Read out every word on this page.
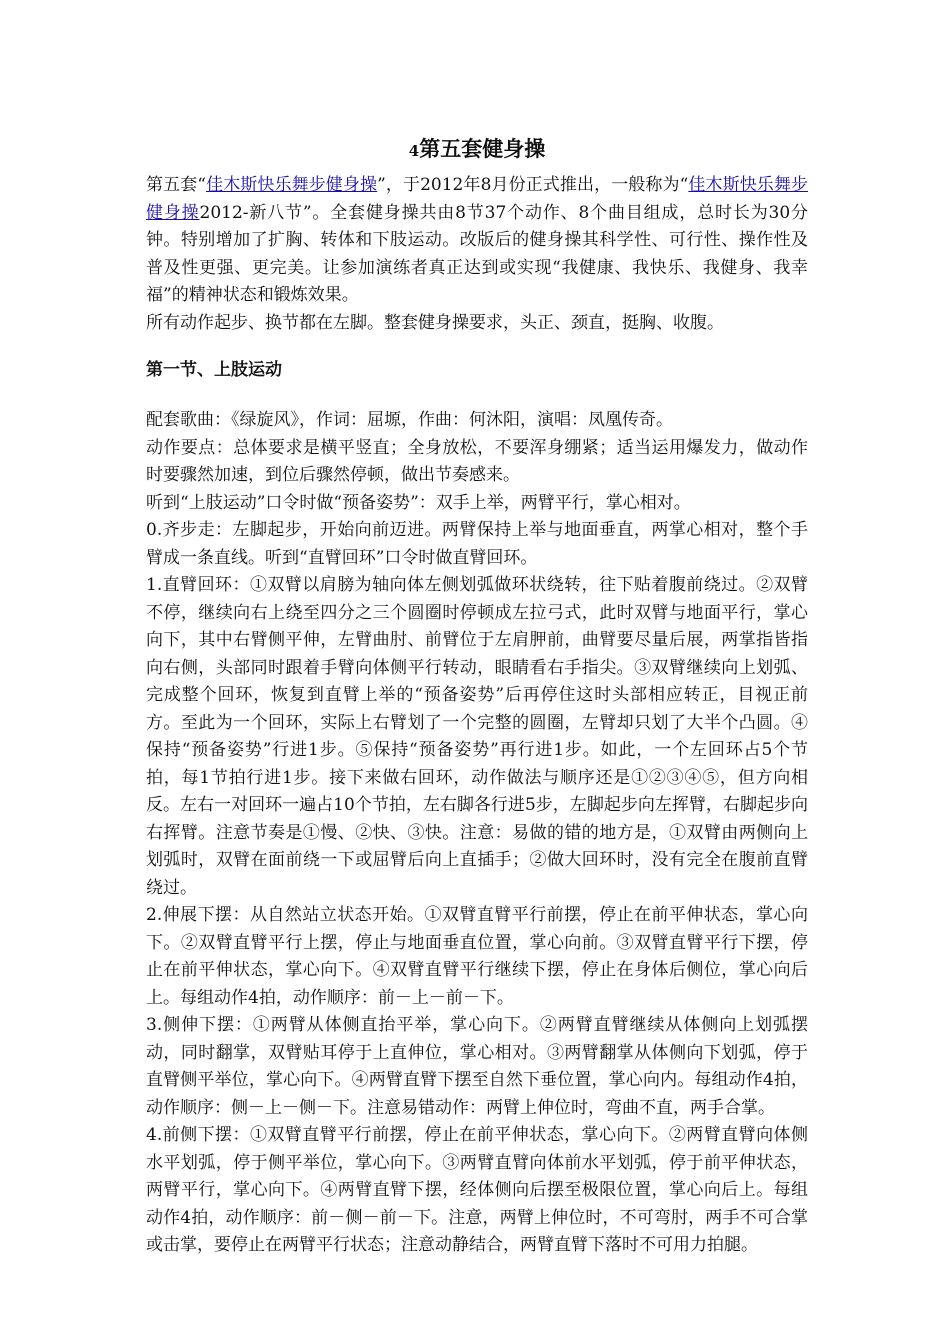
4第五套健身操

第五套“佳木斯快乐舞步健身操”，于2012年8月份正式推出，一般称为“佳木斯快乐舞步健身操2012-新八节”。全套健身操共由8节37个动作、8个曲目组成，总时长为30分钟。特别增加了扩胸、转体和下肢运动。改版后的健身操其科学性、可行性、操作性及普及性更强、更完美。让参加演练者真正达到或实现“我健康、我快乐、我健身、我幸福”的精神状态和锻炼效果。

所有动作起步、换节都在左脚。整套健身操要求，头正、颈直，挺胸、收腹。

第一节、上肢运动

配套歌曲：《绿旋风》，作词：屈塬，作曲：何沐阳，演唱：凤凰传奇。

动作要点：总体要求是横平竖直；全身放松，不要浑身绷紧；适当运用爆发力，做动作时要骤然加速，到位后骤然停顿，做出节奏感来。

听到“上肢运动”口令时做“预备姿势”：双手上举，两臂平行，掌心相对。

0.齐步走：左脚起步，开始向前迈进。两臂保持上举与地面垂直，两掌心相对，整个手臂成一条直线。听到“直臂回环”口令时做直臂回环。

1.直臂回环：①双臂以肩膀为轴向体左侧划弧做环状绕转，往下贴着腹前绕过。②双臂不停，继续向右上绕至四分之三个圆圈时停顿成左拉弓式，此时双臂与地面平行，掌心向下，其中右臂侧平伸，左臂曲肘、前臂位于左肩胛前，曲臂要尽量后展，两掌指皆指向右侧，头部同时跟着手臂向体侧平行转动，眼睛看右手指尖。③双臂继续向上划弧、完成整个回环，恢复到直臂上举的“预备姿势”后再停住这时头部相应转正，目视正前方。至此为一个回环，实际上右臂划了一个完整的圆圈，左臂却只划了大半个凸圆。④保持“预备姿势”行进1步。⑤保持“预备姿势”再行进1步。如此，一个左回环占5个节拍，每1节拍行进1步。接下来做右回环，动作做法与顺序还是①②③④⑤，但方向相反。左右一对回环一遍占10个节拍，左右脚各行进5步，左脚起步向左挥臂，右脚起步向右挥臂。注意节奏是①慢、②快、③快。注意：易做的错的地方是，①双臂由两侧向上划弧时，双臂在面前绕一下或屈臂后向上直插手；②做大回环时，没有完全在腹前直臂绕过。

2.伸展下摆：从自然站立状态开始。①双臂直臂平行前摆，停止在前平伸状态，掌心向下。②双臂直臂平行上摆，停止与地面垂直位置，掌心向前。③双臂直臂平行下摆，停止在前平伸状态，掌心向下。④双臂直臂平行继续下摆，停止在身体后侧位，掌心向后上。每组动作4拍，动作顺序：前－上－前－下。

3.侧伸下摆：①两臂从体侧直抬平举，掌心向下。②两臂直臂继续从体侧向上划弧摆动，同时翻掌，双臂贴耳停于上直伸位，掌心相对。③两臂翻掌从体侧向下划弧，停于直臂侧平举位，掌心向下。④两臂直臂下摆至自然下垂位置，掌心向内。每组动作4拍，动作顺序：侧－上－侧－下。注意易错动作：两臂上伸位时，弯曲不直，两手合掌。

4.前侧下摆：①双臂直臂平行前摆，停止在前平伸状态，掌心向下。②两臂直臂向体侧水平划弧，停于侧平举位，掌心向下。③两臂直臂向体前水平划弧，停于前平伸状态，两臂平行，掌心向下。④两臂直臂下摆，经体侧向后摆至极限位置，掌心向后上。每组动作4拍，动作顺序：前－侧－前－下。注意，两臂上伸位时，不可弯肘，两手不可合掌或击掌，要停止在两臂平行状态；注意动静结合，两臂直臂下落时不可用力拍腿。
